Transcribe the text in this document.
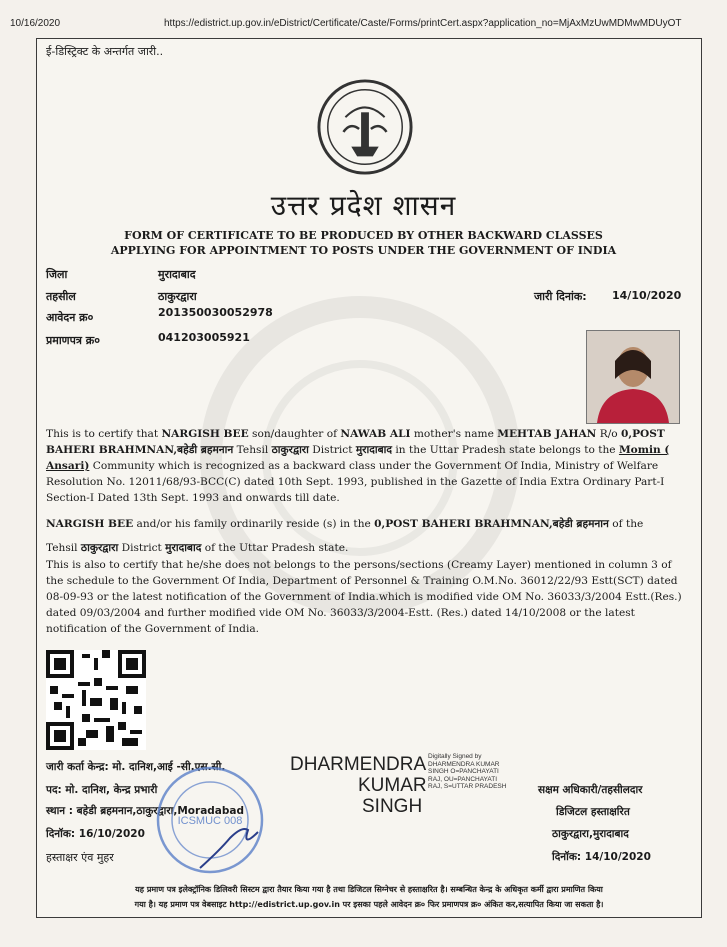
10/16/2020	https://edistrict.up.gov.in/eDistrict/Certificate/Caste/Forms/printCert.aspx?application_no=MjAxMzUwMDMwMDUyOT
ई-डिस्ट्रिक्ट के अन्तर्गत जारी..
उत्तर प्रदेश शासन
FORM OF CERTIFICATE TO BE PRODUCED BY OTHER BACKWARD CLASSES
APPLYING FOR APPOINTMENT TO POSTS UNDER THE GOVERNMENT OF INDIA
जिला	मुरादाबाद
तहसील	ठाकुरद्वारा
आवेदन क्र०	201350030052978
प्रमाणपत्र क्र०	041203005921
जारी दिनांक: 14/10/2020
This is to certify that NARGISH BEE son/daughter of NAWAB ALI mother's name MEHTAB JAHAN R/o 0,POST BAHERI BRAHMNAN,बहेडी ब्रहमनान Tehsil ठाकुरद्वारा District मुरादाबाद in the Uttar Pradesh state belongs to the Momin ( Ansari) Community which is recognized as a backward class under the Government Of India, Ministry of Welfare Resolution No. 12011/68/93-BCC(C) dated 10th Sept. 1993, published in the Gazette of India Extra Ordinary Part-I Section-I Dated 13th Sept. 1993 and onwards till date.
NARGISH BEE and/or his family ordinarily reside (s) in the 0,POST BAHERI BRAHMNAN,बहेडी ब्रहमनान of the
Tehsil ठाकुरद्वारा District मुरादाबाद of the Uttar Pradesh state.
This is also to certify that he/she does not belongs to the persons/sections (Creamy Layer) mentioned in column 3 of the schedule to the Government Of India, Department of Personnel & Training O.M.No. 36012/22/93 Estt(SCT) dated 08-09-93 or the latest notification of the Government of India.which is modified vide OM No. 36033/3/2004 Estt.(Res.) dated 09/03/2004 and further modified vide OM No. 36033/3/2004-Estt. (Res.) dated 14/10/2008 or the latest notification of the Government of India.
जारी कर्ता केन्द्र: मो. दानिश,आई -सी.एस.सी.
पद: मो. दानिश, केन्द्र प्रभारी
स्थान : बहेडी ब्रहमनान,ठाकुरद्वारा,Moradabad
दिनॉक: 16/10/2020
हस्ताक्षर एंव मुहर
ICSMUC 008
DHARMENDRA
KUMAR
SINGH
Digitally Signed by
DHARMENDRA KUMAR
SINGH O=PANCHAYATI
RAJ, OU=PANCHAYATI
RAJ, S=UTTAR PRADESH	सक्षम अधिकारी/तहसीलदार
डिजिटल हस्ताक्षरित
ठाकुरद्वारा,मुरादाबाद
दिनॉक: 14/10/2020
यह प्रमाण पत्र इलेक्ट्रॉनिक डिलिवरी सिस्टम द्वारा तैयार किया गया है तथा डिजिटल सिग्नेचर से हस्ताक्षरित है। सम्बन्धित केन्द्र के अधिकृत कर्मी द्वारा प्रमाणित किया
गया है। यह प्रमाण पत्र वेबसाइट http://edistrict.up.gov.in पर इसका पहले आवेदन क्र० फिर प्रमाणपत्र क्र० अंकित कर,सत्यापित किया जा सकता है।
